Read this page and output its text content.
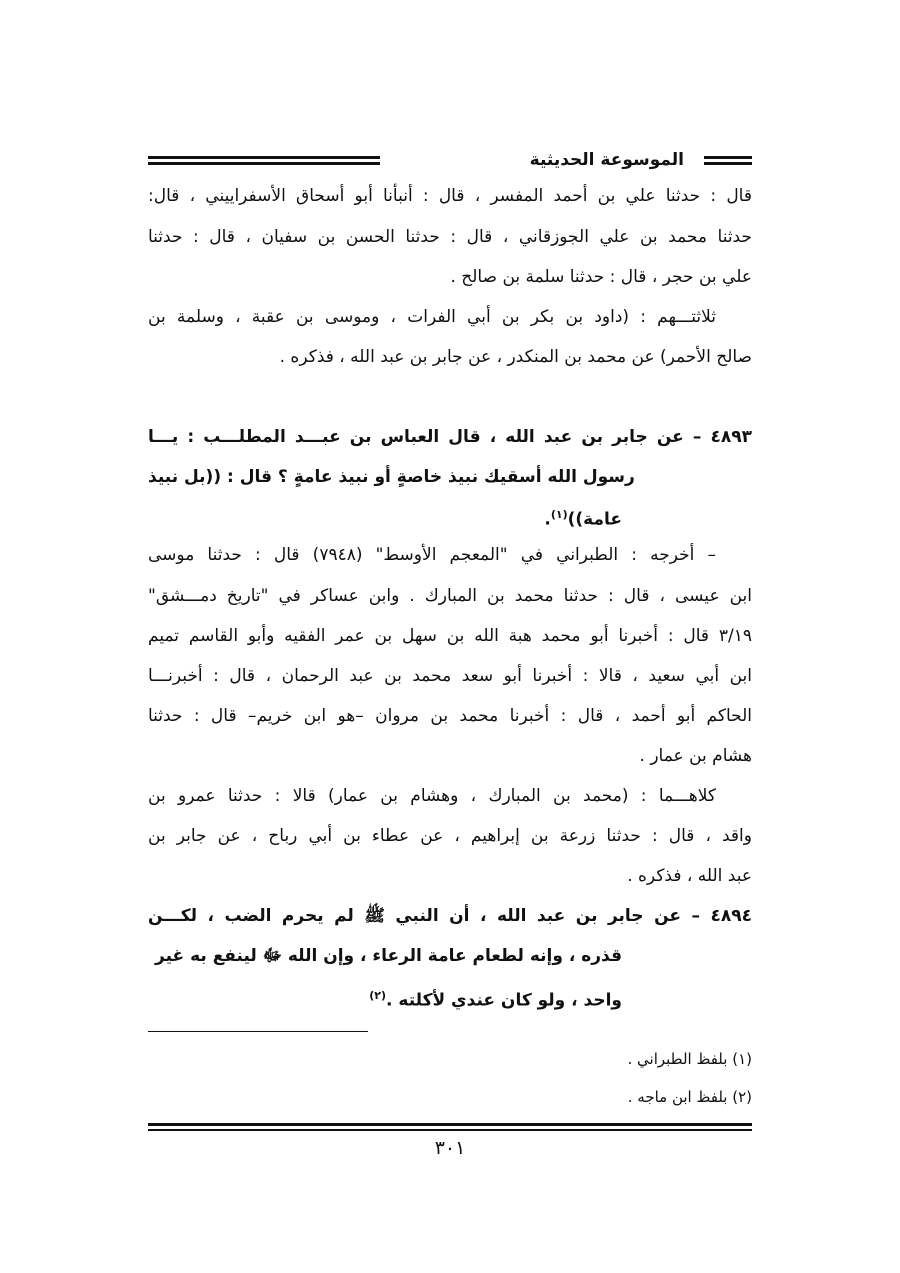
الموسوعة الحديثية
قال : حدثنا علي بن أحمد المفسر ، قال : أنبأنا أبو أسحاق الأسفراييني ، قال:
حدثنا محمد بن علي الجوزقاني ، قال : حدثنا الحسن بن سفيان ، قال : حدثنا
علي بن حجر ، قال : حدثنا سلمة بن صالح .
ثلاثتـــهم : (داود بن بكر بن أبي الفرات ، وموسى بن عقبة ، وسلمة بن
صالح الأحمر) عن محمد بن المنكدر ، عن جابر بن عبد الله ، فذكره .
٤٨٩٣ – عن جابر بن عبد الله ، قال العباس بن عبـــد المطلـــب : يـــا
رسول الله أسقيك نبيذ خاصةٍ أو نبيذ عامةٍ ؟ قال : ((بل نبيذ
عامة))$^{(١)}$.
– أخرجه : الطبراني في "المعجم الأوسط" (٧٩٤٨) قال : حدثنا موسى
ابن عيسى ، قال : حدثنا محمد بن المبارك . وابن عساكر في "تاريخ دمـــشق"
٣/١٩ قال : أخبرنا أبو محمد هبة الله بن سهل بن عمر الفقيه وأبو القاسم تميم
ابن أبي سعيد ، قالا : أخبرنا أبو سعد محمد بن عبد الرحمان ، قال : أخبرنـــا
الحاكم أبو أحمد ، قال : أخبرنا محمد بن مروان –هو ابن خريم– قال : حدثنا
هشام بن عمار .
كلاهـــما : (محمد بن المبارك ، وهشام بن عمار) قالا : حدثنا عمرو بن
واقد ، قال : حدثنا زرعة بن إبراهيم ، عن عطاء بن أبي رباح ، عن جابر بن
عبد الله ، فذكره .
٤٨٩٤ – عن جابر بن عبد الله ، أن النبي ﷺ لم يحرم الضب ، لكـــن
قذره ، وإنه لطعام عامة الرعاء ، وإن الله ﷻ لينفع به غير
واحد ، ولو كان عندي لأكلته .$^{(٢)}$
(١) بلفظ الطبراني .
(٢) بلفظ ابن ماجه .
٣٠١
